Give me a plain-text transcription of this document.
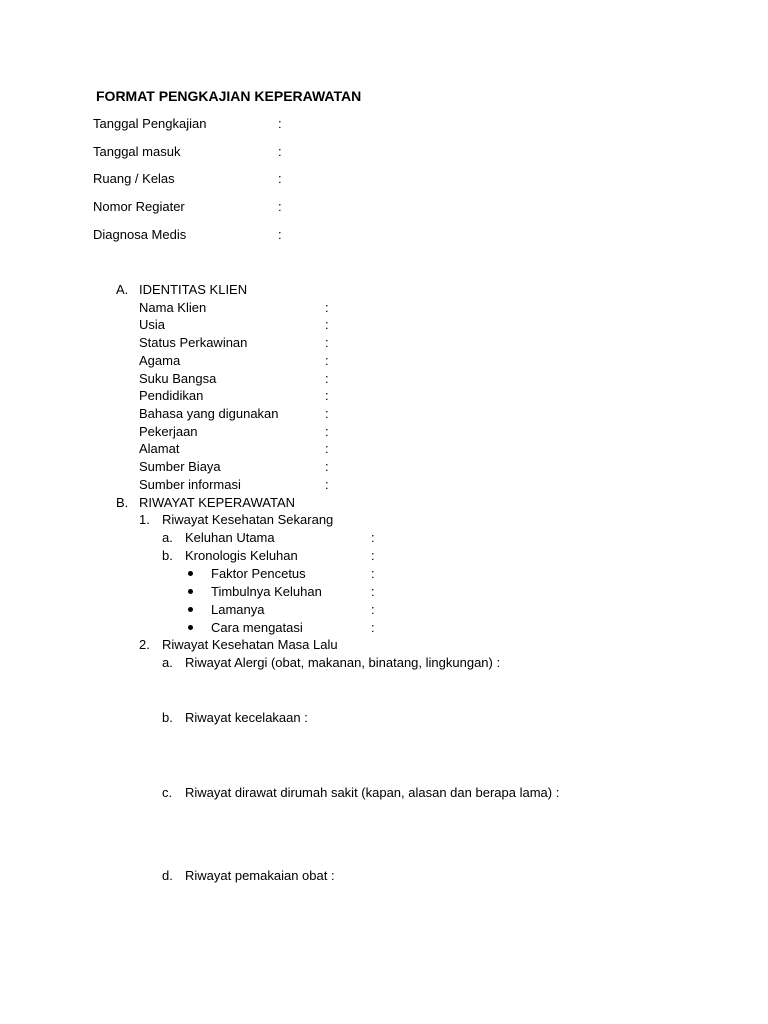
FORMAT PENGKAJIAN KEPERAWATAN
Tanggal Pengkajian	:
Tanggal masuk	:
Ruang / Kelas	:
Nomor Regiater	:
Diagnosa Medis	:
A. IDENTITAS KLIEN
Nama Klien	:
Usia	:
Status Perkawinan	:
Agama	:
Suku Bangsa	:
Pendidikan	:
Bahasa yang digunakan	:
Pekerjaan	:
Alamat	:
Sumber Biaya	:
Sumber informasi	:
B. RIWAYAT KEPERAWATAN
1. Riwayat Kesehatan Sekarang
a. Keluhan Utama	:
b. Kronologis Keluhan	:
Faktor Pencetus	:
Timbulnya Keluhan	:
Lamanya	:
Cara mengatasi	:
2. Riwayat Kesehatan Masa Lalu
a. Riwayat Alergi (obat, makanan, binatang, lingkungan) :
b. Riwayat kecelakaan :
c. Riwayat dirawat dirumah sakit (kapan, alasan dan berapa lama) :
d. Riwayat pemakaian obat :
